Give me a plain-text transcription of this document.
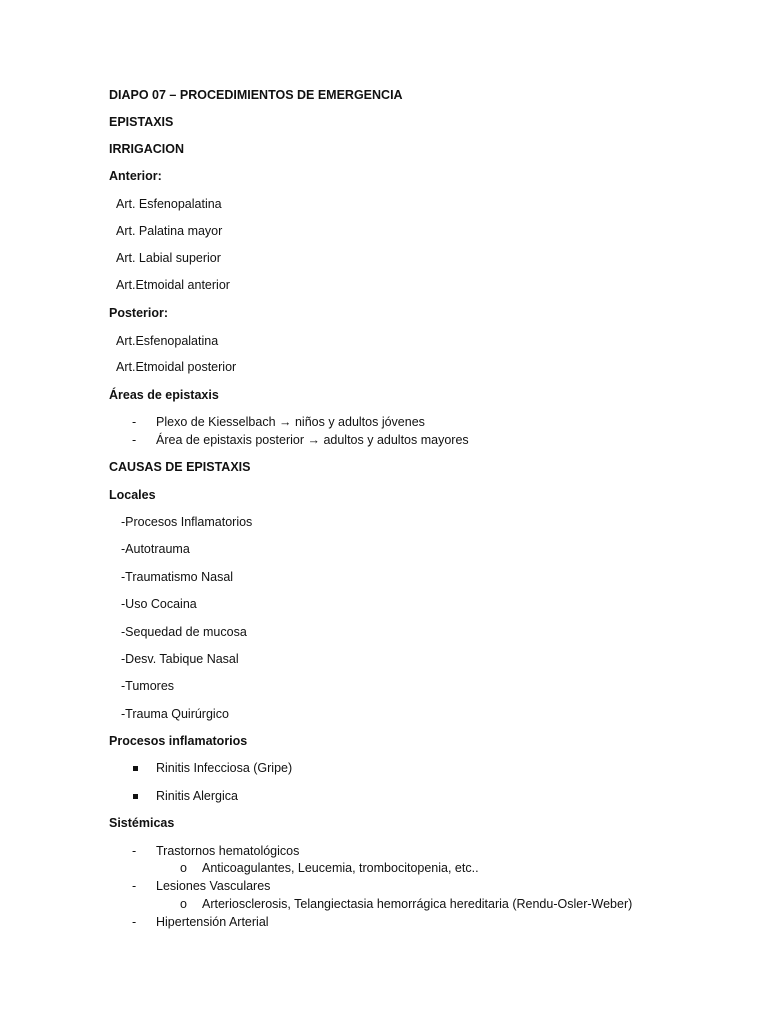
DIAPO 07 – PROCEDIMIENTOS DE EMERGENCIA
EPISTAXIS
IRRIGACION
Anterior:
Art. Esfenopalatina
Art. Palatina mayor
Art. Labial superior
Art.Etmoidal anterior
Posterior:
Art.Esfenopalatina
Art.Etmoidal posterior
Áreas de epistaxis
- Plexo de Kiesselbach → niños y adultos jóvenes
- Área de epistaxis posterior → adultos y adultos mayores
CAUSAS DE EPISTAXIS
Locales
-Procesos Inflamatorios
-Autotrauma
-Traumatismo Nasal
-Uso Cocaina
-Sequedad de mucosa
-Desv. Tabique Nasal
-Tumores
-Trauma Quirúrgico
Procesos inflamatorios
Rinitis Infecciosa (Gripe)
Rinitis Alergica
Sistémicas
- Trastornos hematológicos
o Anticoagulantes, Leucemia, trombocitopenia, etc..
- Lesiones Vasculares
o Arteriosclerosis, Telangiectasia hemorrágica hereditaria (Rendu-Osler-Weber)
- Hipertensión Arterial
